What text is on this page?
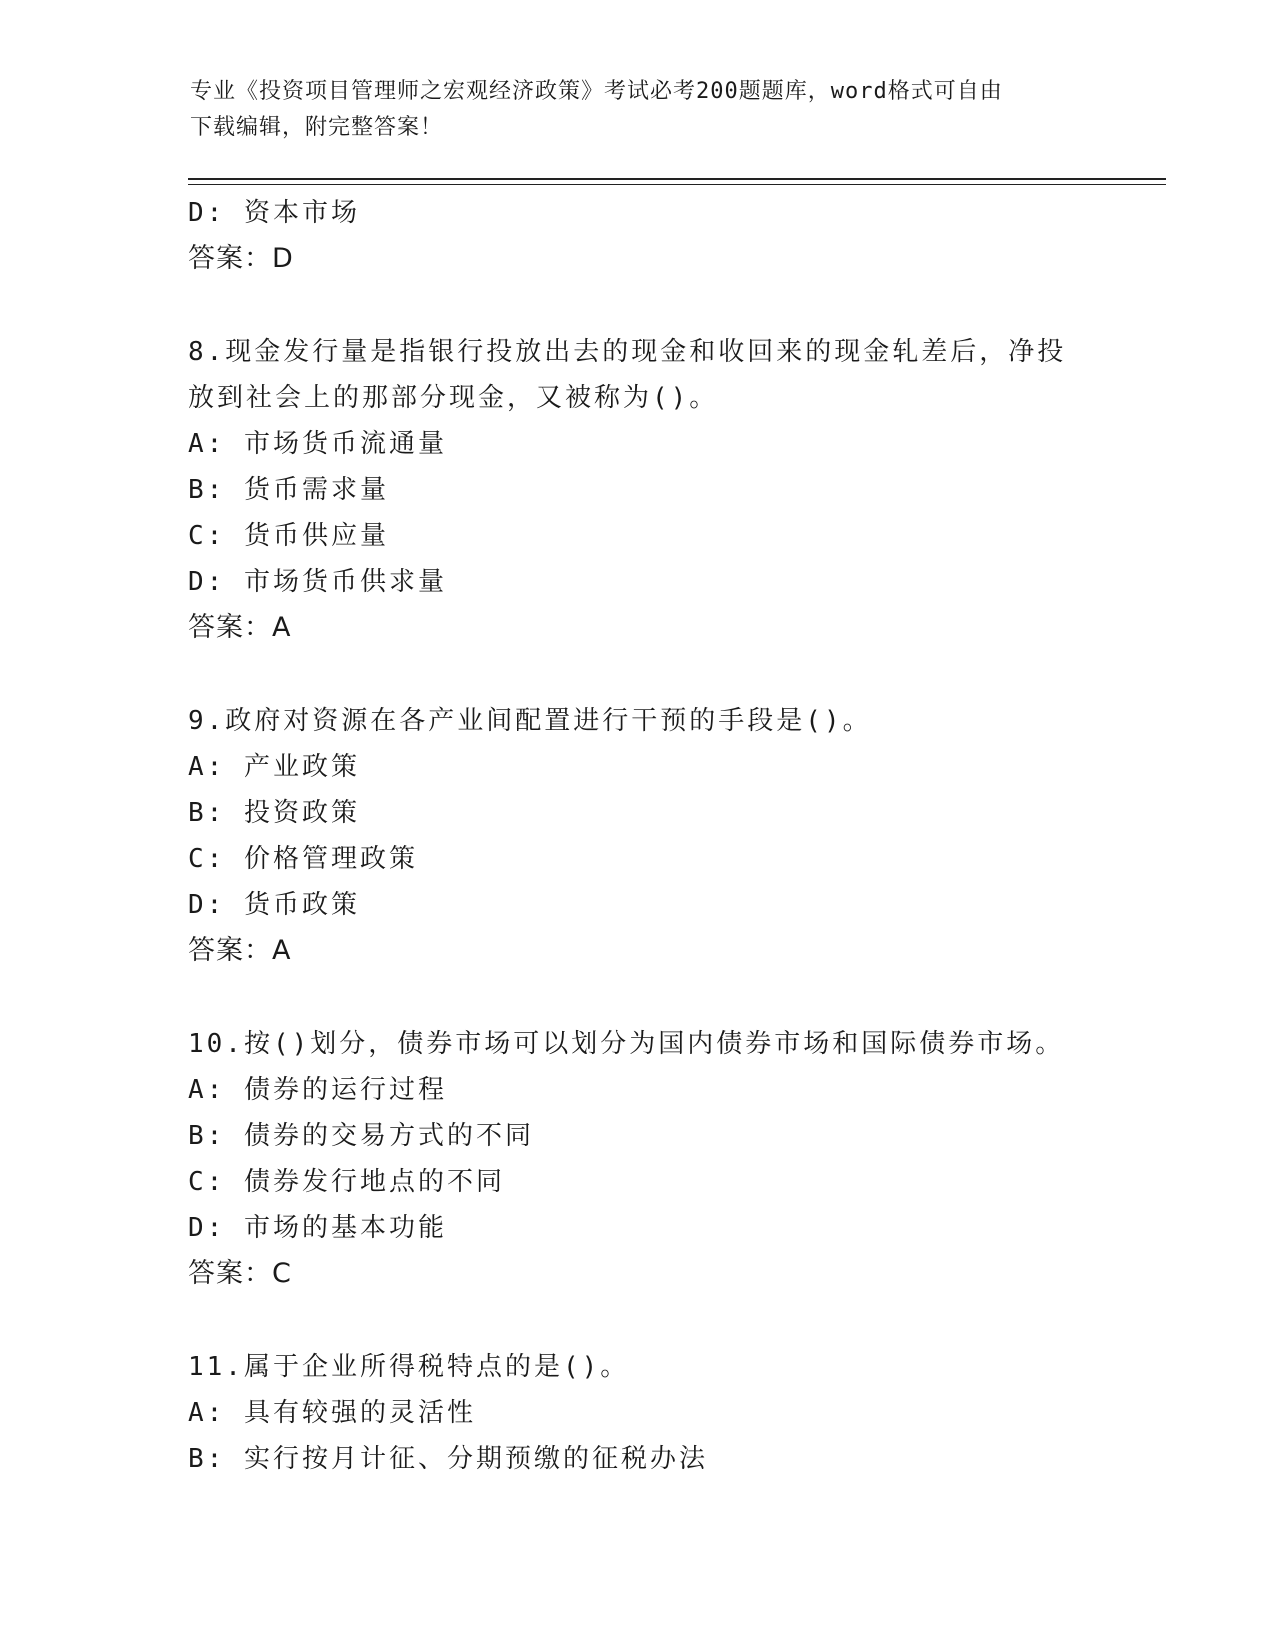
专业《投资项目管理师之宏观经济政策》考试必考200题题库，word格式可自由
下载编辑，附完整答案！
D: 资本市场
答案：D
8.现金发行量是指银行投放出去的现金和收回来的现金轧差后，净投
放到社会上的那部分现金，又被称为()。
A: 市场货币流通量
B: 货币需求量
C: 货币供应量
D: 市场货币供求量
答案：A
9.政府对资源在各产业间配置进行干预的手段是()。
A: 产业政策
B: 投资政策
C: 价格管理政策
D: 货币政策
答案：A
10.按()划分，债券市场可以划分为国内债券市场和国际债券市场。
A: 债券的运行过程
B: 债券的交易方式的不同
C: 债券发行地点的不同
D: 市场的基本功能
答案：C
11.属于企业所得税特点的是()。
A: 具有较强的灵活性
B: 实行按月计征、分期预缴的征税办法
